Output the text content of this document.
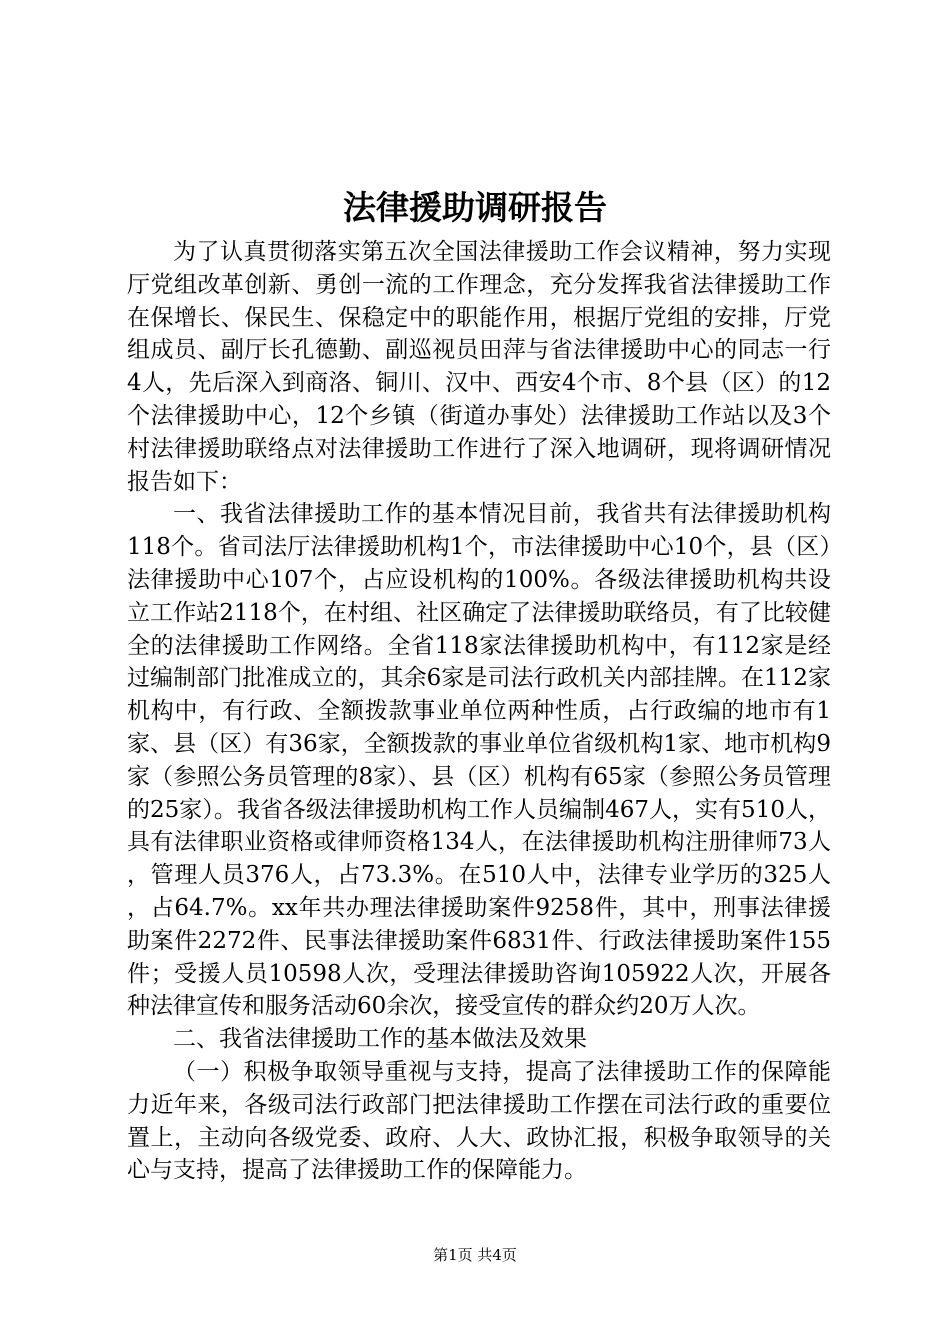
法律援助调研报告

为了认真贯彻落实第五次全国法律援助工作会议精神，努力实现厅党组改革创新、勇创一流的工作理念，充分发挥我省法律援助工作在保增长、保民生、保稳定中的职能作用，根据厅党组的安排，厅党组成员、副厅长孔德勤、副巡视员田萍与省法律援助中心的同志一行4人，先后深入到商洛、铜川、汉中、西安4个市、8个县（区）的12个法律援助中心，12个乡镇（街道办事处）法律援助工作站以及3个村法律援助联络点对法律援助工作进行了深入地调研，现将调研情况报告如下：

一、我省法律援助工作的基本情况目前，我省共有法律援助机构118个。省司法厅法律援助机构1个，市法律援助中心10个，县（区）法律援助中心107个，占应设机构的100%。各级法律援助机构共设立工作站2118个，在村组、社区确定了法律援助联络员，有了比较健全的法律援助工作网络。全省118家法律援助机构中，有112家是经过编制部门批准成立的，其余6家是司法行政机关内部挂牌。在112家机构中，有行政、全额拨款事业单位两种性质，占行政编的地市有1家、县（区）有36家，全额拨款的事业单位省级机构1家、地市机构9家（参照公务员管理的8家）、县（区）机构有65家（参照公务员管理的25家）。我省各级法律援助机构工作人员编制467人，实有510人，具有法律职业资格或律师资格134人，在法律援助机构注册律师73人，管理人员376人，占73.3%。在510人中，法律专业学历的325人，占64.7%。xx年共办理法律援助案件9258件，其中，刑事法律援助案件2272件、民事法律援助案件6831件、行政法律援助案件155件；受援人员10598人次，受理法律援助咨询105922人次，开展各种法律宣传和服务活动60余次，接受宣传的群众约20万人次。

二、我省法律援助工作的基本做法及效果

（一）积极争取领导重视与支持，提高了法律援助工作的保障能力近年来，各级司法行政部门把法律援助工作摆在司法行政的重要位置上，主动向各级党委、政府、人大、政协汇报，积极争取领导的关心与支持，提高了法律援助工作的保障能力。

第1页 共4页
